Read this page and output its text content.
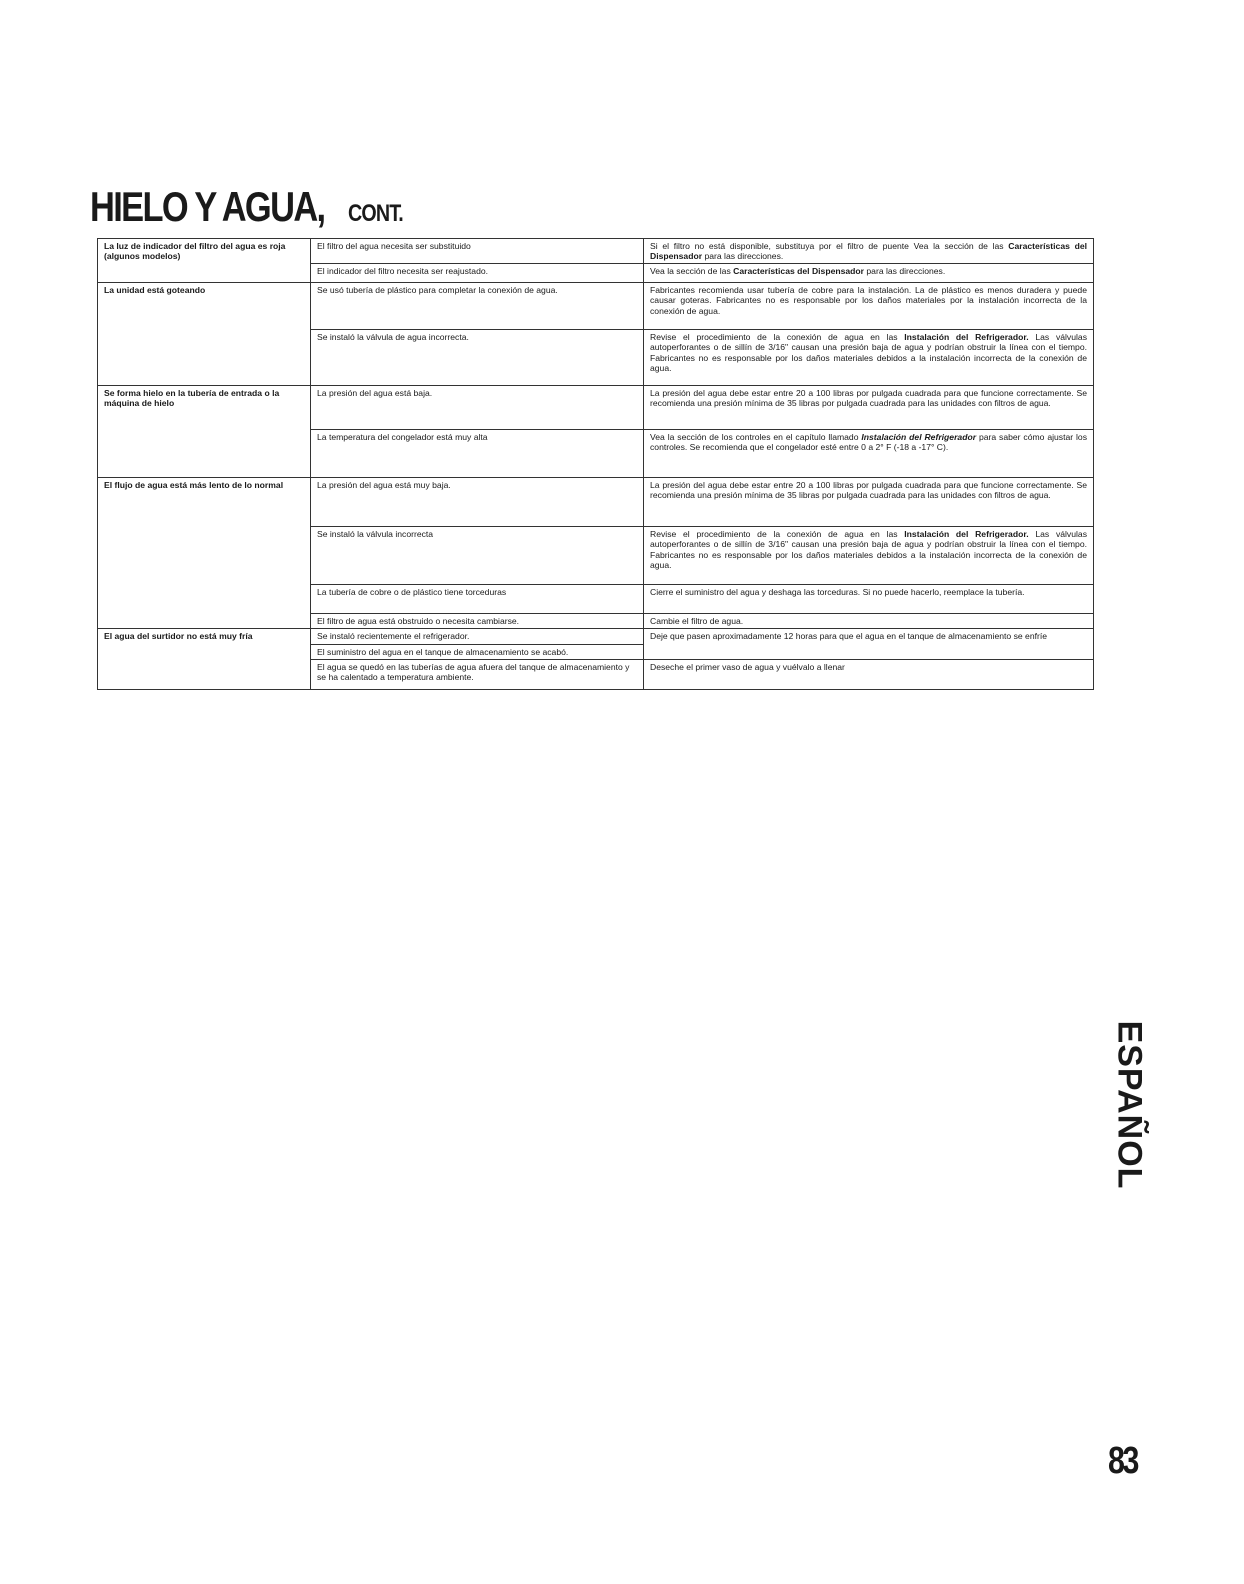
HIELO Y AGUA, CONT.
La luz de indicador del filtro del agua es roja (algunos modelos)	El filtro del agua necesita ser substituido	Si el filtro no está disponible, substituya por el filtro de puente Vea la sección de las Características del Dispensador para las direcciones.
	El indicador del filtro necesita ser reajustado.	Vea la sección de las Características del Dispensador para las direcciones.
La unidad está goteando	Se usó tubería de plástico para completar la conexión de agua.	Fabricantes recomienda usar tubería de cobre para la instalación. La de plástico es menos duradera y puede causar goteras. Fabricantes no es responsable por los daños materiales por la instalación incorrecta de la conexión de agua.
	Se instaló la válvula de agua incorrecta.	Revise el procedimiento de la conexión de agua en las Instalación del Refrigerador. Las válvulas autoperforantes o de sillín de 3/16" causan una presión baja de agua y podrían obstruir la línea con el tiempo. Fabricantes no es responsable por los daños materiales debidos a la instalación incorrecta de la conexión de agua.
Se forma hielo en la tubería de entrada o la máquina de hielo	La presión del agua está baja.	La presión del agua debe estar entre 20 a 100 libras por pulgada cuadrada para que funcione correctamente. Se recomienda una presión mínima de 35 libras por pulgada cuadrada para las unidades con filtros de agua.
	La temperatura del congelador está muy alta	Vea la sección de los controles en el capítulo llamado Instalación del Refrigerador para saber cómo ajustar los controles. Se recomienda que el congelador esté entre 0 a 2° F (-18 a -17° C).
El flujo de agua está más lento de lo normal	La presión del agua está muy baja.	La presión del agua debe estar entre 20 a 100 libras por pulgada cuadrada para que funcione correctamente. Se recomienda una presión mínima de 35 libras por pulgada cuadrada para las unidades con filtros de agua.
	Se instaló la válvula incorrecta	Revise el procedimiento de la conexión de agua en las Instalación del Refrigerador. Las válvulas autoperforantes o de sillín de 3/16" causan una presión baja de agua y podrían obstruir la línea con el tiempo. Fabricantes no es responsable por los daños materiales debidos a la instalación incorrecta de la conexión de agua.
	La tubería de cobre o de plástico tiene torceduras	Cierre el suministro del agua y deshaga las torceduras. Si no puede hacerlo, reemplace la tubería.
	El filtro de agua está obstruido o necesita cambiarse.	Cambie el filtro de agua.
El agua del surtidor no está muy fría	Se instaló recientemente el refrigerador.	Deje que pasen aproximadamente 12 horas para que el agua en el tanque de almacenamiento se enfríe
	El suministro del agua en el tanque de almacenamiento se acabó.	
	El agua se quedó en las tuberías de agua afuera del tanque de almacenamiento y se ha calentado a temperatura ambiente.	Deseche el primer vaso de agua y vuélvalo a llenar
ESPAÑOL
83
